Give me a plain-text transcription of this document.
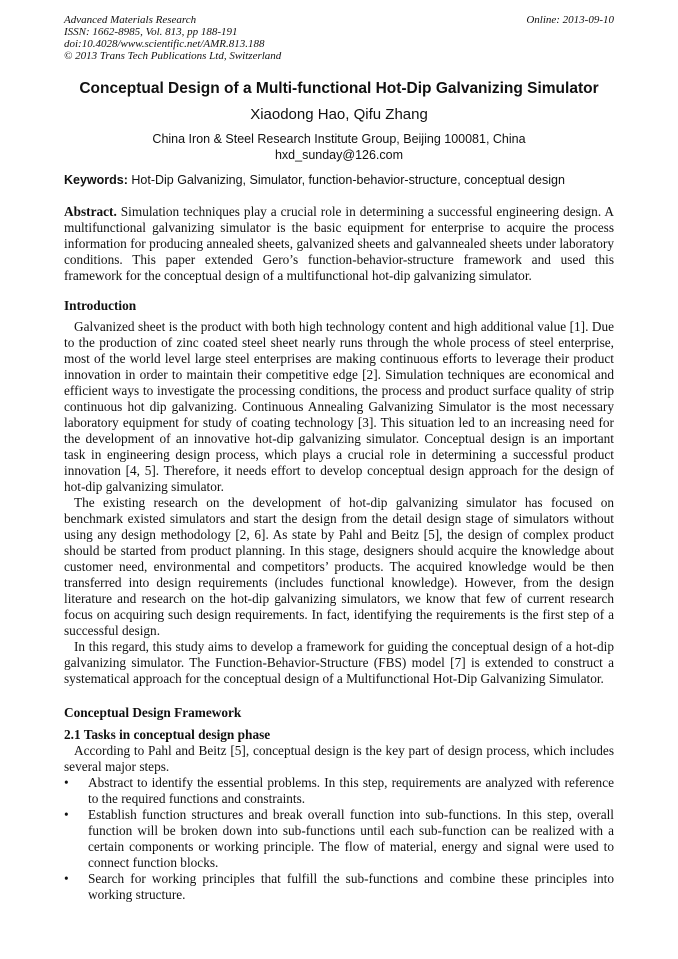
Advanced Materials Research
ISSN: 1662-8985, Vol. 813, pp 188-191
doi:10.4028/www.scientific.net/AMR.813.188
© 2013 Trans Tech Publications Ltd, Switzerland
Online: 2013-09-10
Conceptual Design of a Multi-functional Hot-Dip Galvanizing Simulator
Xiaodong Hao, Qifu Zhang
China Iron & Steel Research Institute Group, Beijing 100081, China
hxd_sunday@126.com
Keywords: Hot-Dip Galvanizing, Simulator, function-behavior-structure, conceptual design
Abstract. Simulation techniques play a crucial role in determining a successful engineering design. A multifunctional galvanizing simulator is the basic equipment for enterprise to acquire the process information for producing annealed sheets, galvanized sheets and galvannealed sheets under laboratory conditions. This paper extended Gero’s function-behavior-structure framework and used this framework for the conceptual design of a multifunctional hot-dip galvanizing simulator.
Introduction

Galvanized sheet is the product with both high technology content and high additional value [1]. Due to the production of zinc coated steel sheet nearly runs through the whole process of steel enterprise, most of the world level large steel enterprises are making continuous efforts to leverage their product innovation in order to maintain their competitive edge [2]. Simulation techniques are economical and efficient ways to investigate the processing conditions, the process and product surface quality of strip continuous hot dip galvanizing. Continuous Annealing Galvanizing Simulator is the most necessary laboratory equipment for study of coating technology [3]. This situation led to an increasing need for the development of an innovative hot-dip galvanizing simulator. Conceptual design is an important task in engineering design process, which plays a crucial role in determining a successful product innovation [4, 5]. Therefore, it needs effort to develop conceptual design approach for the design of hot-dip galvanizing simulator.

The existing research on the development of hot-dip galvanizing simulator has focused on benchmark existed simulators and start the design from the detail design stage of simulators without using any design methodology [2, 6]. As state by Pahl and Beitz [5], the design of complex product should be started from product planning. In this stage, designers should acquire the knowledge about customer need, environmental and competitors’ products. The acquired knowledge would be then transferred into design requirements (includes functional knowledge). However, from the design literature and research on the hot-dip galvanizing simulators, we know that few of current research focus on acquiring such design requirements. In fact, identifying the requirements is the first step of a successful design.

In this regard, this study aims to develop a framework for guiding the conceptual design of a hot-dip galvanizing simulator. The Function-Behavior-Structure (FBS) model [7] is extended to construct a systematical approach for the conceptual design of a Multifunctional Hot-Dip Galvanizing Simulator.

Conceptual Design Framework
2.1 Tasks in conceptual design phase

According to Pahl and Beitz [5], conceptual design is the key part of design process, which includes several major steps.

• Abstract to identify the essential problems. In this step, requirements are analyzed with reference to the required functions and constraints.
• Establish function structures and break overall function into sub-functions. In this step, overall function will be broken down into sub-functions until each sub-function can be realized with a certain components or working principle. The flow of material, energy and signal were used to connect function blocks.
• Search for working principles that fulfill the sub-functions and combine these principles into working structure.
